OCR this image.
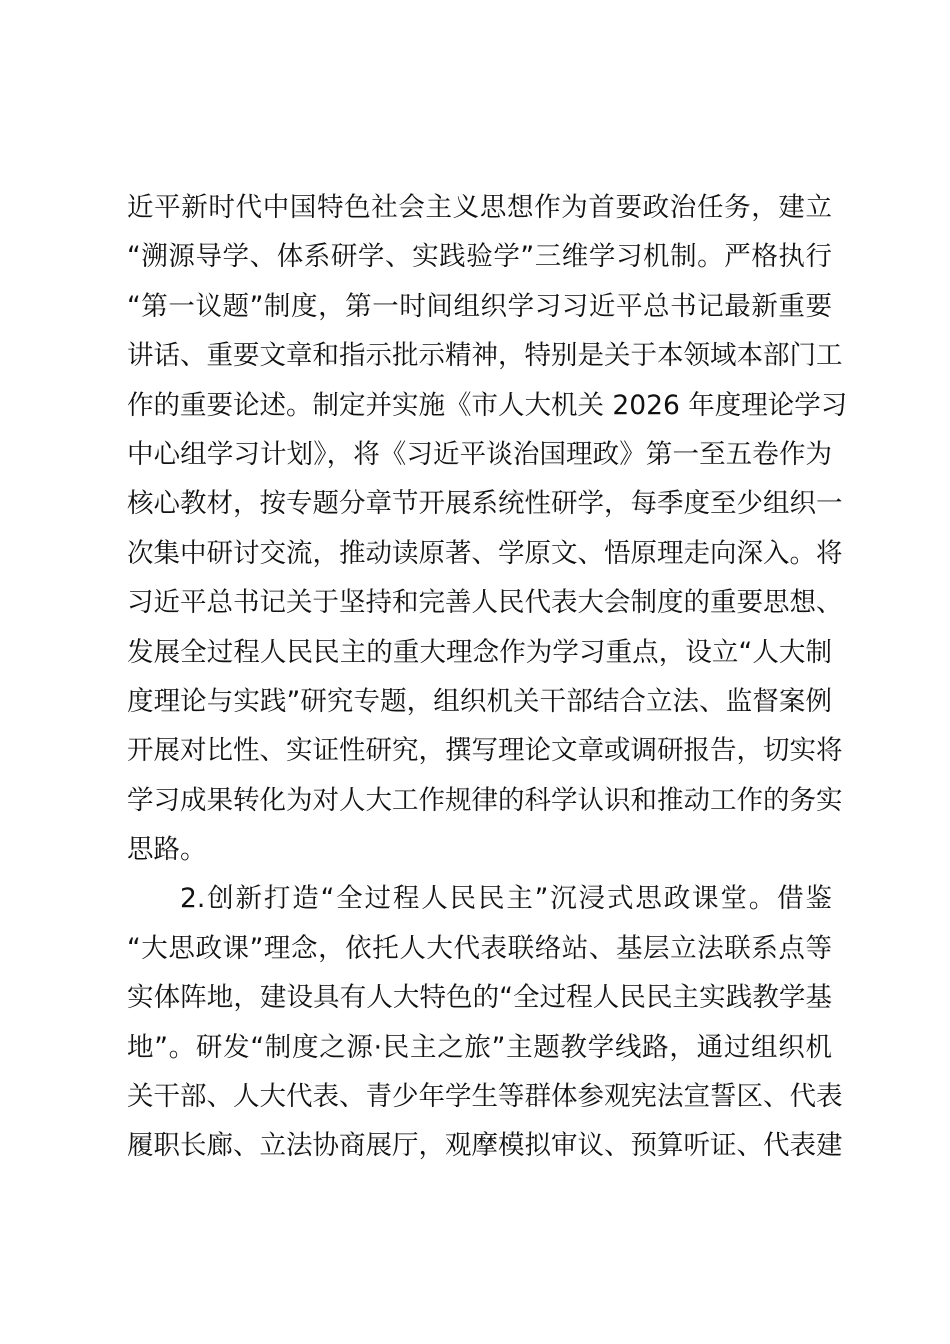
近平新时代中国特色社会主义思想作为首要政治任务，建立
“溯源导学、体系研学、实践验学”三维学习机制。严格执行
“第一议题”制度，第一时间组织学习习近平总书记最新重要
讲话、重要文章和指示批示精神，特别是关于本领域本部门工
作的重要论述。制定并实施《市人大机关 2026 年度理论学习
中心组学习计划》，将《习近平谈治国理政》第一至五卷作为
核心教材，按专题分章节开展系统性研学，每季度至少组织一
次集中研讨交流，推动读原著、学原文、悟原理走向深入。将
习近平总书记关于坚持和完善人民代表大会制度的重要思想、
发展全过程人民民主的重大理念作为学习重点，设立“人大制
度理论与实践”研究专题，组织机关干部结合立法、监督案例
开展对比性、实证性研究，撰写理论文章或调研报告，切实将
学习成果转化为对人大工作规律的科学认识和推动工作的务实
思路。
2.创新打造“全过程人民民主”沉浸式思政课堂。借鉴
“大思政课”理念，依托人大代表联络站、基层立法联系点等
实体阵地，建设具有人大特色的“全过程人民民主实践教学基
地”。研发“制度之源·民主之旅”主题教学线路，通过组织机
关干部、人大代表、青少年学生等群体参观宪法宣誓区、代表
履职长廊、立法协商展厅，观摩模拟审议、预算听证、代表建
